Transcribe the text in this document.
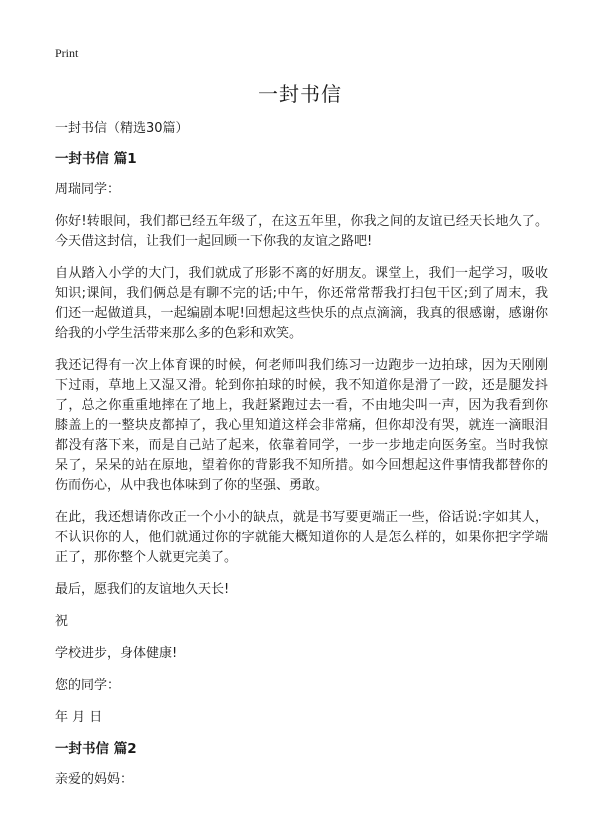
Print
一封书信

一封书信（精选30篇）

一封书信 篇1

周瑞同学：

你好!转眼间，我们都已经五年级了，在这五年里，你我之间的友谊已经天长地久了。今天借这封信，让我们一起回顾一下你我的友谊之路吧!

自从踏入小学的大门，我们就成了形影不离的好朋友。课堂上，我们一起学习，吸收知识;课间，我们俩总是有聊不完的话;中午，你还常常帮我打扫包干区;到了周末，我们还一起做道具，一起编剧本呢!回想起这些快乐的点点滴滴，我真的很感谢，感谢你给我的小学生活带来那么多的色彩和欢笑。

我还记得有一次上体育课的时候，何老师叫我们练习一边跑步一边拍球，因为天刚刚下过雨，草地上又湿又滑。轮到你拍球的时候，我不知道你是滑了一跤，还是腿发抖了，总之你重重地摔在了地上，我赶紧跑过去一看，不由地尖叫一声，因为我看到你膝盖上的一整块皮都掉了，我心里知道这样会非常痛，但你却没有哭，就连一滴眼泪都没有落下来，而是自己站了起来，依靠着同学，一步一步地走向医务室。当时我惊呆了，呆呆的站在原地，望着你的背影我不知所措。如今回想起这件事情我都替你的伤而伤心，从中我也体味到了你的坚强、勇敢。

在此，我还想请你改正一个小小的缺点，就是书写要更端正一些，俗话说:字如其人，不认识你的人，他们就通过你的字就能大概知道你的人是怎么样的，如果你把字学端正了，那你整个人就更完美了。

最后，愿我们的友谊地久天长!

祝

学校进步，身体健康!

您的同学：

年 月 日

一封书信 篇2

亲爱的妈妈：
